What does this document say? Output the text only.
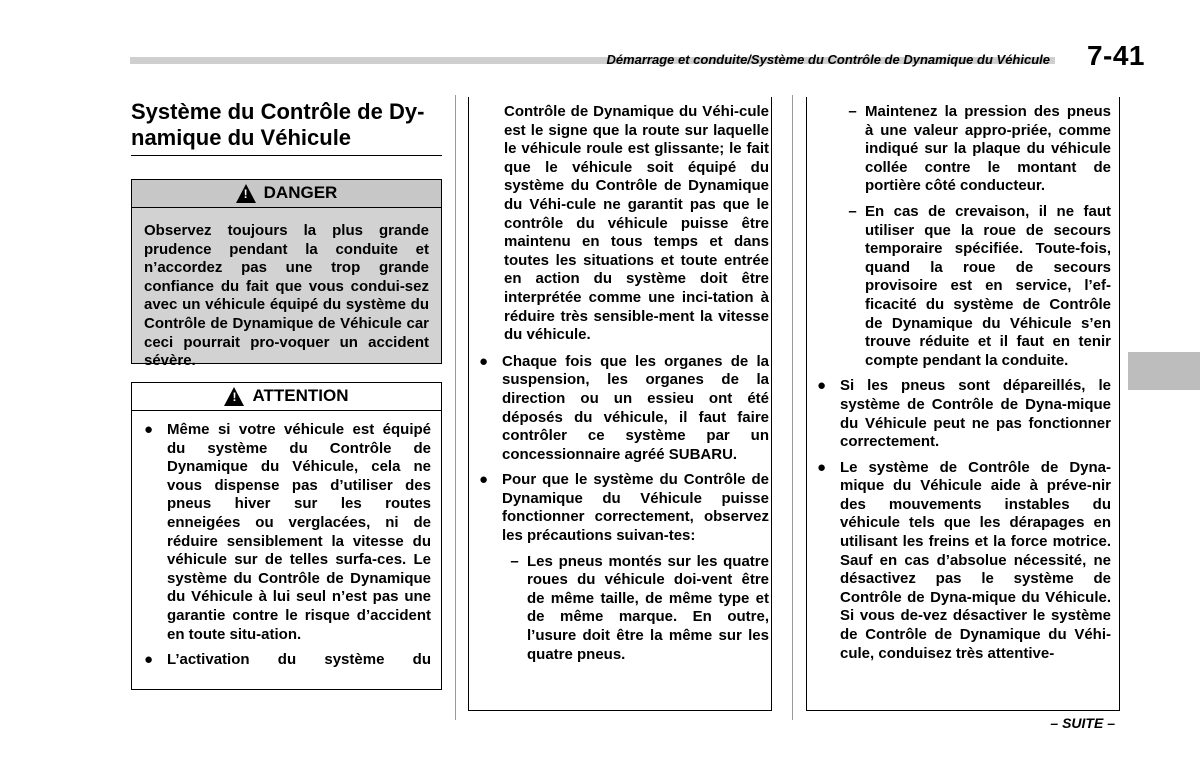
Démarrage et conduite/Système du Contrôle de Dynamique du Véhicule 7-41
Système du Contrôle de Dy-
namique du Véhicule
!
DANGER

Observez toujours la plus grande prudence pendant la conduite et n’accordez pas une trop grande confiance du fait que vous condui-sez avec un véhicule équipé du système du Contrôle de Dynamique de Véhicule car ceci pourrait pro-voquer un accident sévère.

!
ATTENTION
● Même si votre véhicule est équipé du système du Contrôle de Dynamique du Véhicule, cela ne vous dispense pas d’utiliser des pneus hiver sur les routes enneigées ou verglacées, ni de réduire sensiblement la vitesse du véhicule sur de telles surfa-ces. Le système du Contrôle de Dynamique du Véhicule à lui seul n’est pas une garantie contre le risque d’accident en toute situ-ation.
● L’activation du système du

Contrôle de Dynamique du Véhi-cule est le signe que la route sur laquelle le véhicule roule est glissante; le fait que le véhicule soit équipé du système du Contrôle de Dynamique du Véhi-cule ne garantit pas que le contrôle du véhicule puisse être maintenu en tous temps et dans toutes les situations et toute entrée en action du système doit être interprétée comme une inci-tation à réduire très sensible-ment la vitesse du véhicule.

● Chaque fois que les organes de la suspension, les organes de la direction ou un essieu ont été déposés du véhicule, il faut faire contrôler ce système par un concessionnaire agréé SUBARU.
● Pour que le système du Contrôle de Dynamique du Véhicule puisse fonctionner correctement, observez les précautions suivan-tes:
– Les pneus montés sur les quatre roues du véhicule doi-vent être de même taille, de même type et de même marque. En outre, l’usure doit être la même sur les quatre pneus.
– Maintenez la pression des pneus à une valeur appro-priée, comme indiqué sur la plaque du véhicule collée contre le montant de portière côté conducteur.
– En cas de crevaison, il ne faut utiliser que la roue de secours temporaire spécifiée. Toute-fois, quand la roue de secours provisoire est en service, l’ef-ficacité du système de Contrôle de Dynamique du Véhicule s’en trouve réduite et il faut en tenir compte pendant la conduite.
● Si les pneus sont dépareillés, le système de Contrôle de Dyna-mique du Véhicule peut ne pas fonctionner correctement.
● Le système de Contrôle de Dyna-mique du Véhicule aide à préve-nir des mouvements instables du véhicule tels que les dérapages en utilisant les freins et la force motrice. Sauf en cas d’absolue nécessité, ne désactivez pas le système de Contrôle de Dyna-mique du Véhicule. Si vous de-vez désactiver le système de Contrôle de Dynamique du Véhi-cule, conduisez très attentive-
– SUITE –
